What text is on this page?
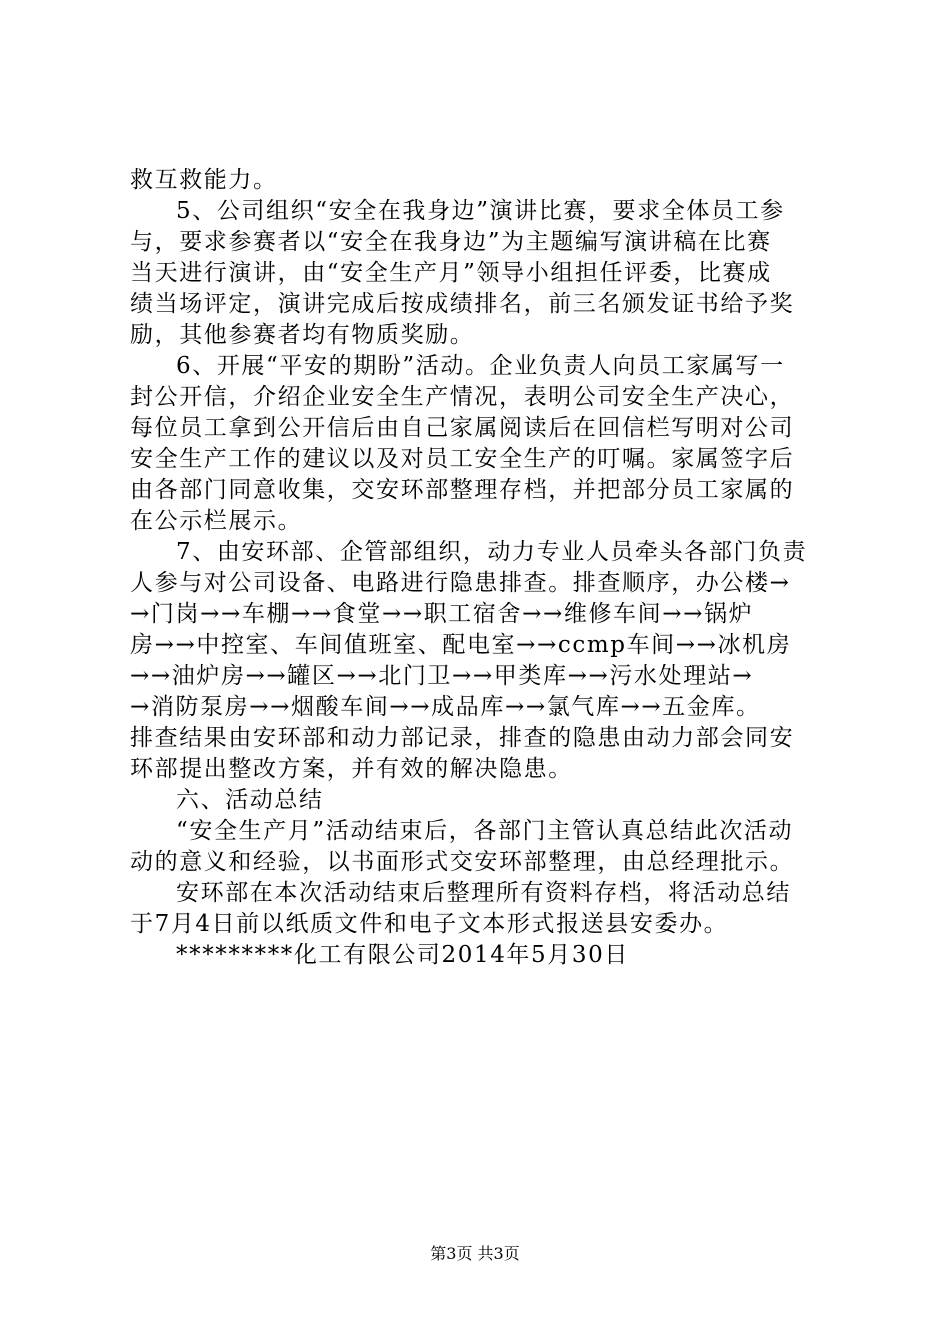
救互救能力。
5、公司组织“安全在我身边”演讲比赛，要求全体员工参
与，要求参赛者以“安全在我身边”为主题编写演讲稿在比赛
当天进行演讲，由“安全生产月”领导小组担任评委，比赛成
绩当场评定，演讲完成后按成绩排名，前三名颁发证书给予奖
励，其他参赛者均有物质奖励。
6、开展“平安的期盼”活动。企业负责人向员工家属写一
封公开信，介绍企业安全生产情况，表明公司安全生产决心，
每位员工拿到公开信后由自己家属阅读后在回信栏写明对公司
安全生产工作的建议以及对员工安全生产的叮嘱。家属签字后
由各部门同意收集，交安环部整理存档，并把部分员工家属的
在公示栏展示。
7、由安环部、企管部组织，动力专业人员牵头各部门负责
人参与对公司设备、电路进行隐患排查。排查顺序，办公楼→
→门岗→→车棚→→食堂→→职工宿舍→→维修车间→→锅炉
房→→中控室、车间值班室、配电室→→ccmp车间→→冰机房
→→油炉房→→罐区→→北门卫→→甲类库→→污水处理站→
→消防泵房→→烟酸车间→→成品库→→氯气库→→五金库。
排查结果由安环部和动力部记录，排查的隐患由动力部会同安
环部提出整改方案，并有效的解决隐患。
六、活动总结
“安全生产月”活动结束后，各部门主管认真总结此次活动
动的意义和经验，以书面形式交安环部整理，由总经理批示。
安环部在本次活动结束后整理所有资料存档，将活动总结
于7月4日前以纸质文件和电子文本形式报送县安委办。
*********化工有限公司2014年5月30日
第3页 共3页
